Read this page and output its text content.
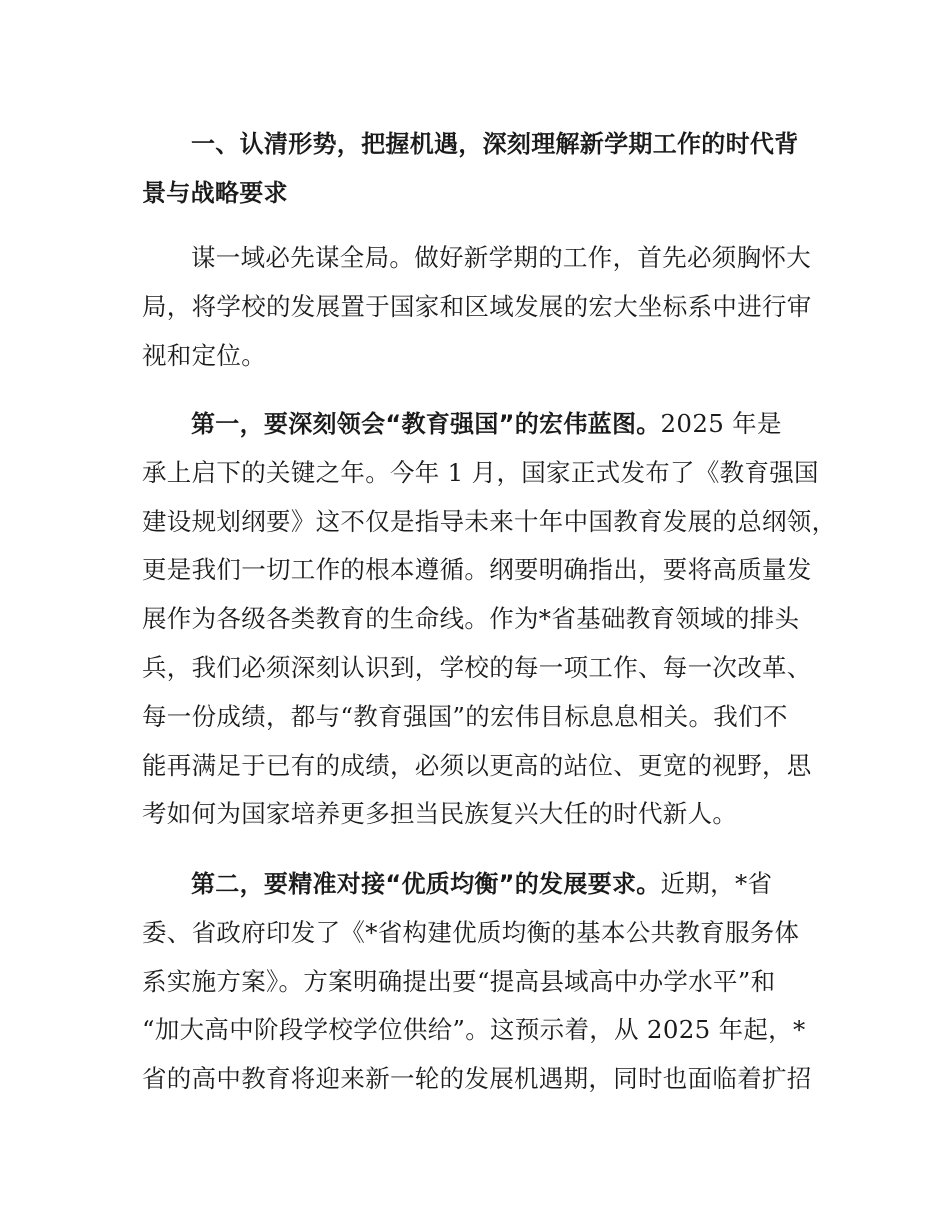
一、认清形势，把握机遇，深刻理解新学期工作的时代背
景与战略要求
谋一域必先谋全局。做好新学期的工作，首先必须胸怀大
局，将学校的发展置于国家和区域发展的宏大坐标系中进行审
视和定位。
第一，要深刻领会“教育强国”的宏伟蓝图。2025 年是
承上启下的关键之年。今年 1 月，国家正式发布了《教育强国
建设规划纲要》这不仅是指导未来十年中国教育发展的总纲领，
更是我们一切工作的根本遵循。纲要明确指出，要将高质量发
展作为各级各类教育的生命线。作为*省基础教育领域的排头
兵，我们必须深刻认识到，学校的每一项工作、每一次改革、
每一份成绩，都与“教育强国”的宏伟目标息息相关。我们不
能再满足于已有的成绩，必须以更高的站位、更宽的视野，思
考如何为国家培养更多担当民族复兴大任的时代新人。
第二，要精准对接“优质均衡”的发展要求。近期，*省
委、省政府印发了《*省构建优质均衡的基本公共教育服务体
系实施方案》。方案明确提出要“提高县域高中办学水平”和
“加大高中阶段学校学位供给”。这预示着，从 2025 年起，*
省的高中教育将迎来新一轮的发展机遇期，同时也面临着扩招
